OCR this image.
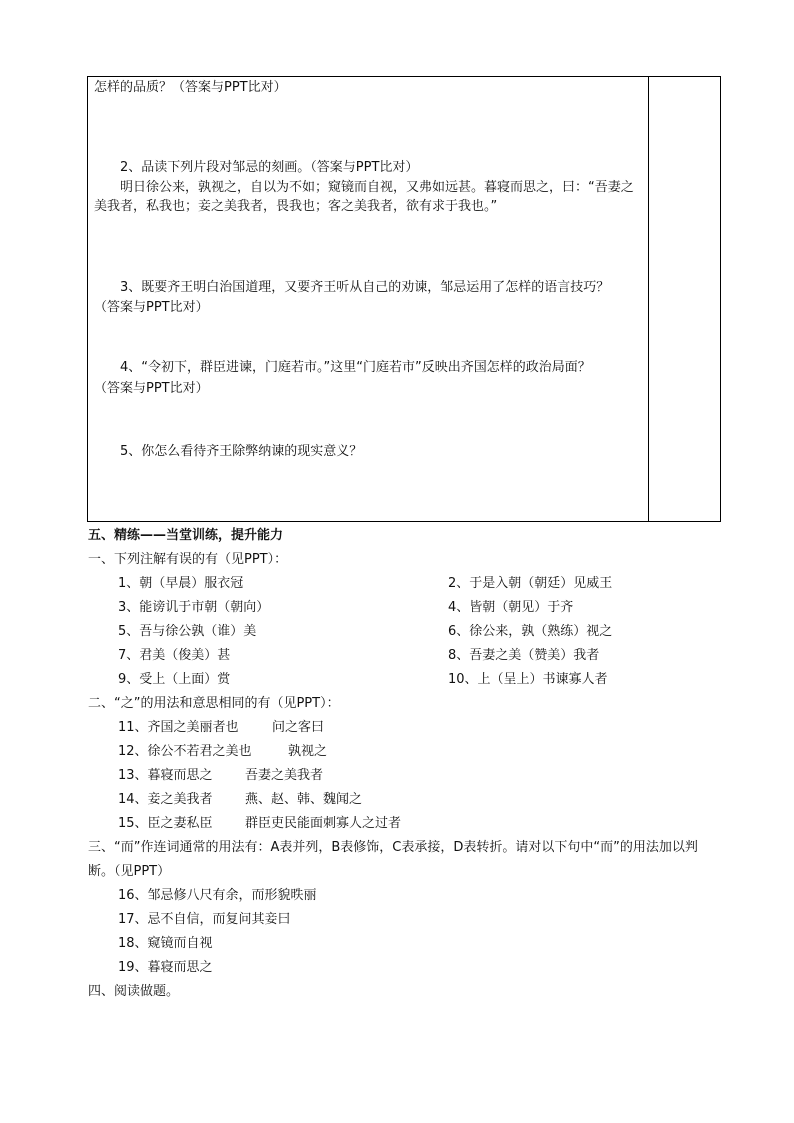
怎样的品质？（答案与PPT比对）
2、品读下列片段对邹忌的刻画。（答案与PPT比对）
明日徐公来，孰视之，自以为不如；窥镜而自视，又弗如远甚。暮寝而思之，曰：“吾妻之美我者，私我也；妾之美我者，畏我也；客之美我者，欲有求于我也。”
3、既要齐王明白治国道理，又要齐王听从自己的劝谏，邹忌运用了怎样的语言技巧？
（答案与PPT比对）
4、“令初下，群臣进谏，门庭若市。”这里“门庭若市”反映出齐国怎样的政治局面？
（答案与PPT比对）
5、你怎么看待齐王除弊纳谏的现实意义？
五、精练——当堂训练，提升能力
一、下列注解有误的有（见PPT）：
1、朝（早晨）服衣冠	2、于是入朝（朝廷）见威王
3、能谤讥于市朝（朝向）	4、皆朝（朝见）于齐
5、吾与徐公孰（谁）美	6、徐公来，孰（熟练）视之
7、君美（俊美）甚	8、吾妻之美（赞美）我者
9、受上（上面）赏	10、上（呈上）书谏寡人者
二、“之”的用法和意思相同的有（见PPT）：
11、齐国之美丽者也	问之客曰
12、徐公不若君之美也	孰视之
13、暮寝而思之 吾妻之美我者
14、妾之美我者 燕、赵、韩、魏闻之
15、臣之妻私臣 群臣吏民能面刺寡人之过者
三、“而”作连词通常的用法有：A表并列，B表修饰，C表承接，D表转折。请对以下句中“而”的用法加以判断。（见PPT）
16、邹忌修八尺有余，而形貌昳丽
17、忌不自信，而复问其妾曰
18、窥镜而自视
19、暮寝而思之
四、阅读做题。
